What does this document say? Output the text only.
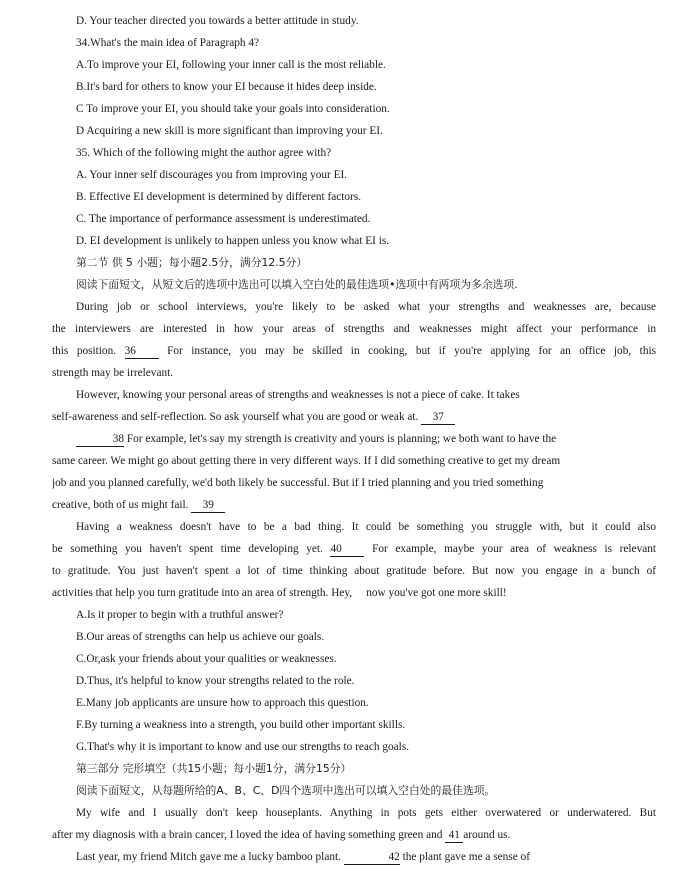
D. Your teacher directed you towards a better attitude in study.
34.What's the main idea of Paragraph 4?
A.To improve your EI, following your inner call is the most reliable.
B.It's bard for others to know your EI because it hides deep inside.
C To improve your EI, you should take your goals into consideration.
D Acquiring a new skill is more significant than improving your EI.
35. Which of the following might the author agree with?
A. Your inner self discourages you from improving your EI.
B. Effective EI development is determined by different factors.
C. The importance of performance assessment is underestimated.
D. EI development is unlikely to happen unless you know what EI is.
第二节 供 5 小题；每小题2.5分，满分12.5分）
阅读下面短文，从短文后的选项中选出可以填入空白处的最佳选项•选项中有两项为多余选项.
During job or school interviews, you're likely to be asked what your strengths and weaknesses are, because
the interviewers are interested in how your areas of strengths and weaknesses might affect your performance in
this position. 36	For instance, you may be skilled in cooking, but if you're applying for an office job, this
strength may be irrelevant.
However, knowing your personal areas of strengths and weaknesses is not a piece of cake. It takes
self-awareness and self-reflection. So ask yourself what you are good or weak at. 37
38 For example, let's say my strength is creativity and yours is planning; we both want to have the
same career. We might go about getting there in very different ways. If I did something creative to get my dream
job and you planned carefully, we'd both likely be successful. But if I tried planning and you tried something
creative, both of us might fail. 39
Having a weakness doesn't have to be a bad thing. It could be something you struggle with, but it could also
be something you haven't spent time developing yet. 40	For example, maybe your area of weakness is relevant
to gratitude. You just haven't spent a lot of time thinking about gratitude before. But now you engage in a bunch of
activities that help you turn gratitude into an area of strength. Hey,     now you've got one more skill!
A.Is it proper to begin with a truthful answer?
B.Our areas of strengths can help us achieve our goals.
C.Or,ask your friends about your qualities or weaknesses.
D.Thus, it's helpful to know your strengths related to the role.
E.Many job applicants are unsure how to approach this question.
F.By turning a weakness into a strength, you build other important skills.
G.That's why it is important to know and use our strengths to reach goals.
第三部分 完形填空（共15小题；每小题1分，满分15分）
阅读下面短文，从每题所给的A、B、C、D四个选项中选出可以填入空白处的最佳选项。
My wife and I usually don't keep houseplants. Anything in pots gets either overwatered or underwatered. But
after my diagnosis with a brain cancer, I loved the idea of having something green and 41 around us.
Last year, my friend Mitch gave me a lucky bamboo plant.	42 the plant gave me a sense of
